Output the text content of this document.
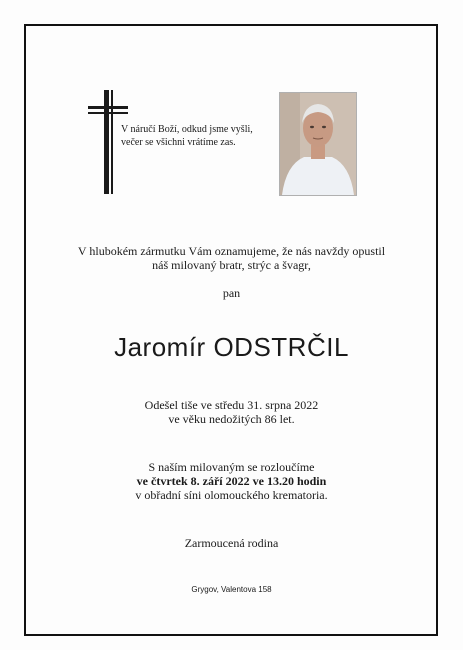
V náručí Boží, odkud jsme vyšli,
večer se všichni vrátíme zas.
V hlubokém zármutku Vám oznamujeme, že nás navždy opustil
náš milovaný bratr, strýc a švagr,
pan
Jaromír ODSTRČIL
Odešel tiše ve středu 31. srpna 2022
ve věku nedožitých 86 let.
S naším milovaným se rozloučíme
ve čtvrtek 8. září 2022 ve 13.20 hodin
v obřadní síni olomouckého krematoria.
Zarmoucená rodina
Grygov, Valentova 158
